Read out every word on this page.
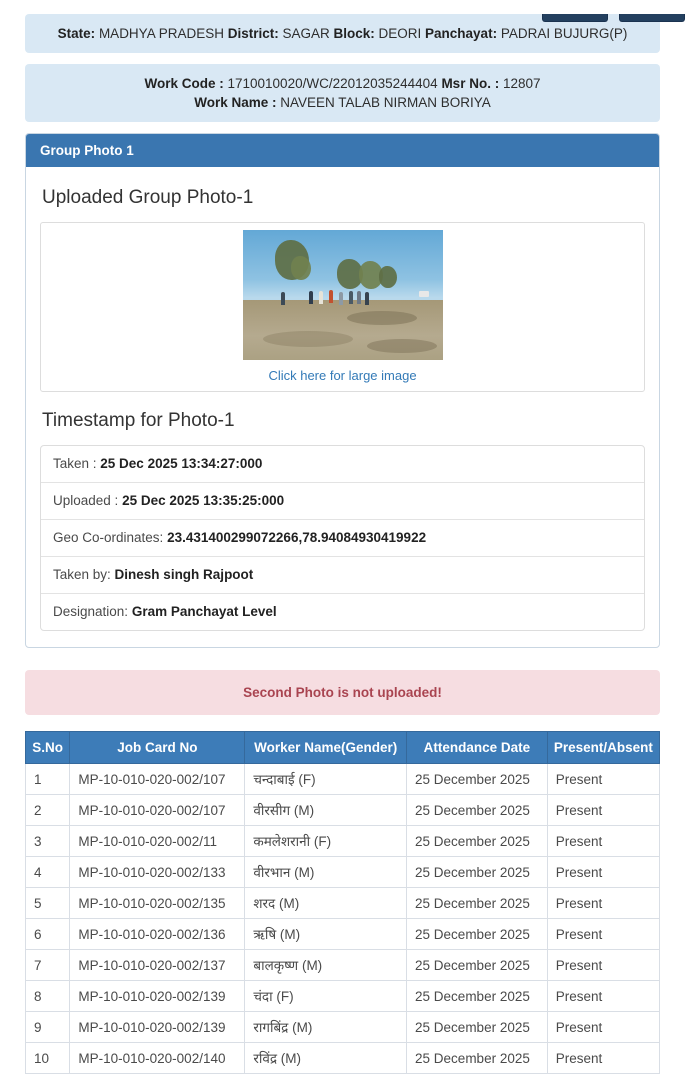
State: MADHYA PRADESH District: SAGAR Block: DEORI Panchayat: PADRAI BUJURG(P)
Work Code : 1710010020/WC/22012035244404 Msr No. : 12807
Work Name : NAVEEN TALAB NIRMAN BORIYA
Group Photo 1
Uploaded Group Photo-1
Click here for large image
Timestamp for Photo-1
Taken : 25 Dec 2025 13:34:27:000
Uploaded : 25 Dec 2025 13:35:25:000
Geo Co-ordinates: 23.431400299072266,78.94084930419922
Taken by: Dinesh singh Rajpoot
Designation: Gram Panchayat Level
Second Photo is not uploaded!
S.No	Job Card No	Worker Name(Gender)	Attendance Date	Present/Absent
1	MP-10-010-020-002/107	चन्दाबाई (F)	25 December 2025	Present
2	MP-10-010-020-002/107	वीरसीग (M)	25 December 2025	Present
3	MP-10-010-020-002/11	कमलेशरानी (F)	25 December 2025	Present
4	MP-10-010-020-002/133	वीरभान (M)	25 December 2025	Present
5	MP-10-010-020-002/135	शरद (M)	25 December 2025	Present
6	MP-10-010-020-002/136	ऋषि (M)	25 December 2025	Present
7	MP-10-010-020-002/137	बालकृष्ण (M)	25 December 2025	Present
8	MP-10-010-020-002/139	चंदा (F)	25 December 2025	Present
9	MP-10-010-020-002/139	रागबिंद्र (M)	25 December 2025	Present
10	MP-10-010-020-002/140	रविंद्र (M)	25 December 2025	Present
